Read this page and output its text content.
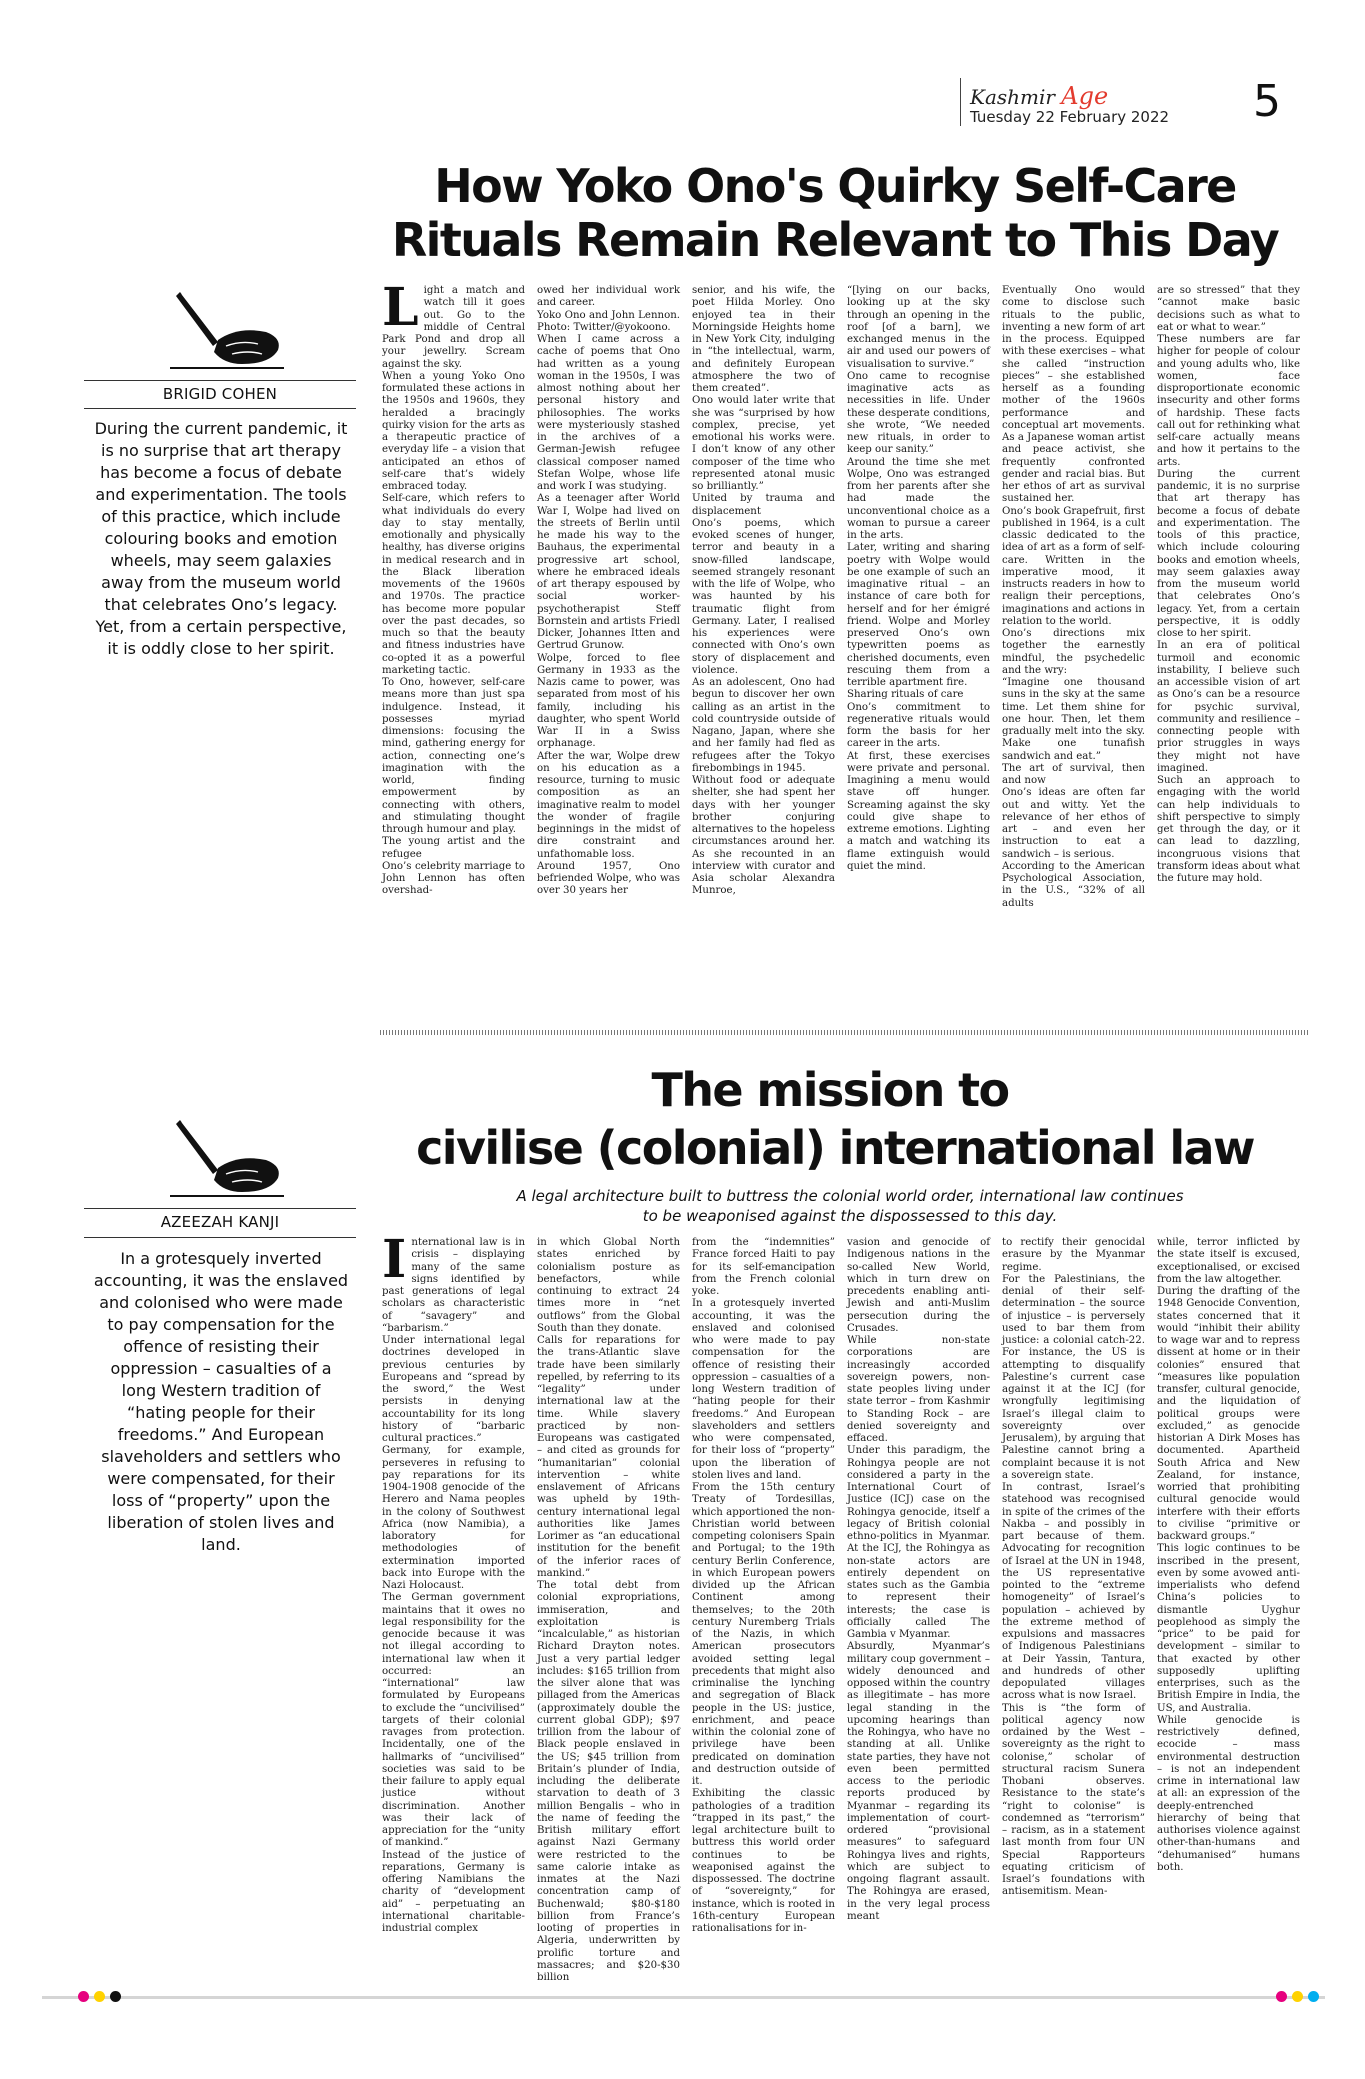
Kashmir Age
Tuesday 22 February 2022 5
How Yoko Ono's Quirky Self-Care
Rituals Remain Relevant to This Day
BRIGID COHEN
During the current pandemic, it is no surprise that art therapy has become a focus of debate and experimentation. The tools of this practice, which include colouring books and emotion wheels, may seem galaxies away from the museum world that celebrates Ono’s legacy. Yet, from a certain perspective, it is oddly close to her spirit.
Light a match and watch till it goes out. Go to the middle of Central Park Pond and drop all your jewellry. Scream against the sky.
When a young Yoko Ono formulated these actions in the 1950s and 1960s, they heralded a bracingly quirky vision for the arts as a therapeutic practice of everyday life – a vision that anticipated an ethos of self-care that’s widely embraced today.
Self-care, which refers to what individuals do every day to stay mentally, emotionally and physically healthy, has diverse origins in medical research and in the Black liberation movements of the 1960s and 1970s. The practice has become more popular over the past decades, so much so that the beauty and fitness industries have co-opted it as a powerful marketing tactic.
To Ono, however, self-care means more than just spa indulgence. Instead, it possesses myriad dimensions: focusing the mind, gathering energy for action, connecting one’s imagination with the world, finding empowerment by connecting with others, and stimulating thought through humour and play.
The young artist and the refugee
Ono’s celebrity marriage to John Lennon has often overshad-
owed her individual work and career.
Yoko Ono and John Lennon. Photo: Twitter/@yokoono.
When I came across a cache of poems that Ono had written as a young woman in the 1950s, I was almost nothing about her personal history and philosophies. The works were mysteriously stashed in the archives of a German-Jewish refugee classical composer named Stefan Wolpe, whose life and work I was studying.
As a teenager after World War I, Wolpe had lived on the streets of Berlin until he made his way to the Bauhaus, the experimental progressive art school, where he embraced ideals of art therapy espoused by social worker-psychotherapist Steff Bornstein and artists Friedl Dicker, Johannes Itten and Gertrud Grunow.
Wolpe, forced to flee Germany in 1933 as the Nazis came to power, was separated from most of his family, including his daughter, who spent World War II in a Swiss orphanage.
After the war, Wolpe drew on his education as a resource, turning to music composition as an imaginative realm to model the wonder of fragile beginnings in the midst of dire constraint and unfathomable loss.
Around 1957, Ono befriended Wolpe, who was over 30 years her
senior, and his wife, the poet Hilda Morley. Ono enjoyed tea in their Morningside Heights home in New York City, indulging in “the intellectual, warm, and definitely European atmosphere the two of them created”.
Ono would later write that she was “surprised by how complex, precise, yet emotional his works were. I don’t know of any other composer of the time who represented atonal music so brilliantly.”
United by trauma and displacement
Ono’s poems, which evoked scenes of hunger, terror and beauty in a snow-filled landscape, seemed strangely resonant with the life of Wolpe, who was haunted by his traumatic flight from Germany. Later, I realised his experiences were connected with Ono’s own story of displacement and violence.
As an adolescent, Ono had begun to discover her own calling as an artist in the cold countryside outside of Nagano, Japan, where she and her family had fled as refugees after the Tokyo firebombings in 1945.
Without food or adequate shelter, she had spent her days with her younger brother conjuring alternatives to the hopeless circumstances around her. As she recounted in an interview with curator and Asia scholar Alexandra Munroe,
“[lying on our backs, looking up at the sky through an opening in the roof [of a barn], we exchanged menus in the air and used our powers of visualisation to survive.”
Ono came to recognise imaginative acts as necessities in life. Under these desperate conditions, she wrote, “We needed new rituals, in order to keep our sanity.”
Around the time she met Wolpe, Ono was estranged from her parents after she had made the unconventional choice as a woman to pursue a career in the arts.
Later, writing and sharing poetry with Wolpe would be one example of such an imaginative ritual – an instance of care both for herself and for her émigré friend. Wolpe and Morley preserved Ono’s own typewritten poems as cherished documents, even rescuing them from a terrible apartment fire.
Sharing rituals of care
Ono’s commitment to regenerative rituals would form the basis for her career in the arts.
At first, these exercises were private and personal. Imagining a menu would stave off hunger. Screaming against the sky could give shape to extreme emotions. Lighting a match and watching its flame extinguish would quiet the mind.
Eventually Ono would come to disclose such rituals to the public, inventing a new form of art in the process. Equipped with these exercises – what she called “instruction pieces” – she established herself as a founding mother of the 1960s performance and conceptual art movements. As a Japanese woman artist and peace activist, she frequently confronted gender and racial bias. But her ethos of art as survival sustained her.
Ono’s book Grapefruit, first published in 1964, is a cult classic dedicated to the idea of art as a form of self-care. Written in the imperative mood, it instructs readers in how to realign their perceptions, imaginations and actions in relation to the world.
Ono’s directions mix together the earnestly mindful, the psychedelic and the wry:
“Imagine one thousand suns in the sky at the same time. Let them shine for one hour. Then, let them gradually melt into the sky. Make one tunafish sandwich and eat.”
The art of survival, then and now
Ono’s ideas are often far out and witty. Yet the relevance of her ethos of art – and even her instruction to eat a sandwich – is serious.
According to the American Psychological Association, in the U.S., “32% of all adults
are so stressed” that they “cannot make basic decisions such as what to eat or what to wear.”
These numbers are far higher for people of colour and young adults who, like women, face disproportionate economic insecurity and other forms of hardship. These facts call out for rethinking what self-care actually means and how it pertains to the arts.
During the current pandemic, it is no surprise that art therapy has become a focus of debate and experimentation. The tools of this practice, which include colouring books and emotion wheels, may seem galaxies away from the museum world that celebrates Ono’s legacy. Yet, from a certain perspective, it is oddly close to her spirit.
In an era of political turmoil and economic instability, I believe such an accessible vision of art as Ono’s can be a resource for psychic survival, community and resilience – connecting people with prior struggles in ways they might not have imagined.
Such an approach to engaging with the world can help individuals to shift perspective to simply get through the day, or it can lead to dazzling, incongruous visions that transform ideas about what the future may hold.
The mission to
civilise (colonial) international law
A legal architecture built to buttress the colonial world order, international law continues
to be weaponised against the dispossessed to this day.
AZEEZAH KANJI
In a grotesquely inverted accounting, it was the enslaved and colonised who were made to pay compensation for the offence of resisting their oppression – casualties of a long Western tradition of “hating people for their freedoms.” And European slaveholders and settlers who were compensated, for their loss of “property” upon the liberation of stolen lives and land.
International law is in crisis – displaying many of the same signs identified by past generations of legal scholars as characteristic of “savagery” and “barbarism.”
Under international legal doctrines developed in previous centuries by Europeans and “spread by the sword,” the West persists in denying accountability for its long history of “barbaric cultural practices.”
Germany, for example, perseveres in refusing to pay reparations for its 1904-1908 genocide of the Herero and Nama peoples in the colony of Southwest Africa (now Namibia), a laboratory for methodologies of extermination imported back into Europe with the Nazi Holocaust.
The German government maintains that it owes no legal responsibility for the genocide because it was not illegal according to international law when it occurred: an “international” law formulated by Europeans to exclude the “uncivilised” targets of their colonial ravages from protection. Incidentally, one of the hallmarks of “uncivilised” societies was said to be their failure to apply equal justice without discrimination. Another was their lack of appreciation for the “unity of mankind.”
Instead of the justice of reparations, Germany is offering Namibians the charity of “development aid” – perpetuating an international charitable-industrial complex
in which Global North states enriched by colonialism posture as benefactors, while continuing to extract 24 times more in “net outflows” from the Global South than they donate.
Calls for reparations for the trans-Atlantic slave trade have been similarly repelled, by referring to its “legality” under international law at the time. While slavery practiced by non-Europeans was castigated – and cited as grounds for “humanitarian” colonial intervention – white enslavement of Africans was upheld by 19th-century international legal authorities like James Lorimer as “an educational institution for the benefit of the inferior races of mankind.”
The total debt from colonial expropriations, immiseration, and exploitation is “incalculable,” as historian Richard Drayton notes. Just a very partial ledger includes: $165 trillion from the silver alone that was pillaged from the Americas (approximately double the current global GDP); $97 trillion from the labour of Black people enslaved in the US; $45 trillion from Britain’s plunder of India, including the deliberate starvation to death of 3 million Bengalis – who in the name of feeding the British military effort against Nazi Germany were restricted to the same calorie intake as inmates at the Nazi concentration camp of Buchenwald; $80-$180 billion from France’s looting of properties in Algeria, underwritten by prolific torture and massacres; and $20-$30 billion
from the “indemnities” France forced Haiti to pay for its self-emancipation from the French colonial yoke.
In a grotesquely inverted accounting, it was the enslaved and colonised who were made to pay compensation for the offence of resisting their oppression – casualties of a long Western tradition of “hating people for their freedoms.” And European slaveholders and settlers who were compensated, for their loss of “property” upon the liberation of stolen lives and land.
From the 15th century Treaty of Tordesillas, which apportioned the non-Christian world between competing colonisers Spain and Portugal; to the 19th century Berlin Conference, in which European powers divided up the African Continent among themselves; to the 20th century Nuremberg Trials of the Nazis, in which American prosecutors avoided setting legal precedents that might also criminalise the lynching and segregation of Black people in the US: justice, enrichment, and peace within the colonial zone of privilege have been predicated on domination and destruction outside of it.
Exhibiting the classic pathologies of a tradition “trapped in its past,” the legal architecture built to buttress this world order continues to be weaponised against the dispossessed. The doctrine of “sovereignty,” for instance, which is rooted in 16th-century European rationalisations for in-
vasion and genocide of Indigenous nations in the so-called New World, which in turn drew on precedents enabling anti-Jewish and anti-Muslim persecution during the Crusades.
While non-state corporations are increasingly accorded sovereign powers, non-state peoples living under state terror – from Kashmir to Standing Rock – are denied sovereignty and effaced.
Under this paradigm, the Rohingya people are not considered a party in the International Court of Justice (ICJ) case on the Rohingya genocide, itself a legacy of British colonial ethno-politics in Myanmar. At the ICJ, the Rohingya as non-state actors are entirely dependent on states such as the Gambia to represent their interests; the case is officially called The Gambia v Myanmar.
Absurdly, Myanmar’s military coup government – widely denounced and opposed within the country as illegitimate – has more legal standing in the upcoming hearings than the Rohingya, who have no standing at all. Unlike state parties, they have not even been permitted access to the periodic reports produced by Myanmar – regarding its implementation of court-ordered “provisional measures” to safeguard Rohingya lives and rights, which are subject to ongoing flagrant assault. The Rohingya are erased, in the very legal process meant
to rectify their genocidal erasure by the Myanmar regime.
For the Palestinians, the denial of their self-determination – the source of injustice – is perversely used to bar them from justice: a colonial catch-22. For instance, the US is attempting to disqualify Palestine’s current case against it at the ICJ (for wrongfully legitimising Israel’s illegal claim to sovereignty over Jerusalem), by arguing that Palestine cannot bring a complaint because it is not a sovereign state.
In contrast, Israel’s statehood was recognised in spite of the crimes of the Nakba – and possibly in part because of them. Advocating for recognition of Israel at the UN in 1948, the US representative pointed to the “extreme homogeneity” of Israel’s population – achieved by the extreme method of expulsions and massacres of Indigenous Palestinians at Deir Yassin, Tantura, and hundreds of other depopulated villages across what is now Israel.
This is “the form of political agency now ordained by the West – sovereignty as the right to colonise,” scholar of structural racism Sunera Thobani observes. Resistance to the state’s “right to colonise” is condemned as “terrorism” – racism, as in a statement last month from four UN Special Rapporteurs equating criticism of Israel’s foundations with antisemitism. Mean-
while, terror inflicted by the state itself is excused, exceptionalised, or excised from the law altogether.
During the drafting of the 1948 Genocide Convention, states concerned that it would “inhibit their ability to wage war and to repress dissent at home or in their colonies” ensured that “measures like population transfer, cultural genocide, and the liquidation of political groups were excluded,” as genocide historian A Dirk Moses has documented. Apartheid South Africa and New Zealand, for instance, worried that prohibiting cultural genocide would interfere with their efforts to civilise “primitive or backward groups.”
This logic continues to be inscribed in the present, even by some avowed anti-imperialists who defend China’s policies to dismantle Uyghur peoplehood as simply the “price” to be paid for development – similar to that exacted by other supposedly uplifting enterprises, such as the British Empire in India, the US, and Australia.
While genocide is restrictively defined, ecocide – mass environmental destruction – is not an independent crime in international law at all: an expression of the deeply-entrenched hierarchy of being that authorises violence against other-than-humans and “dehumanised” humans both.
